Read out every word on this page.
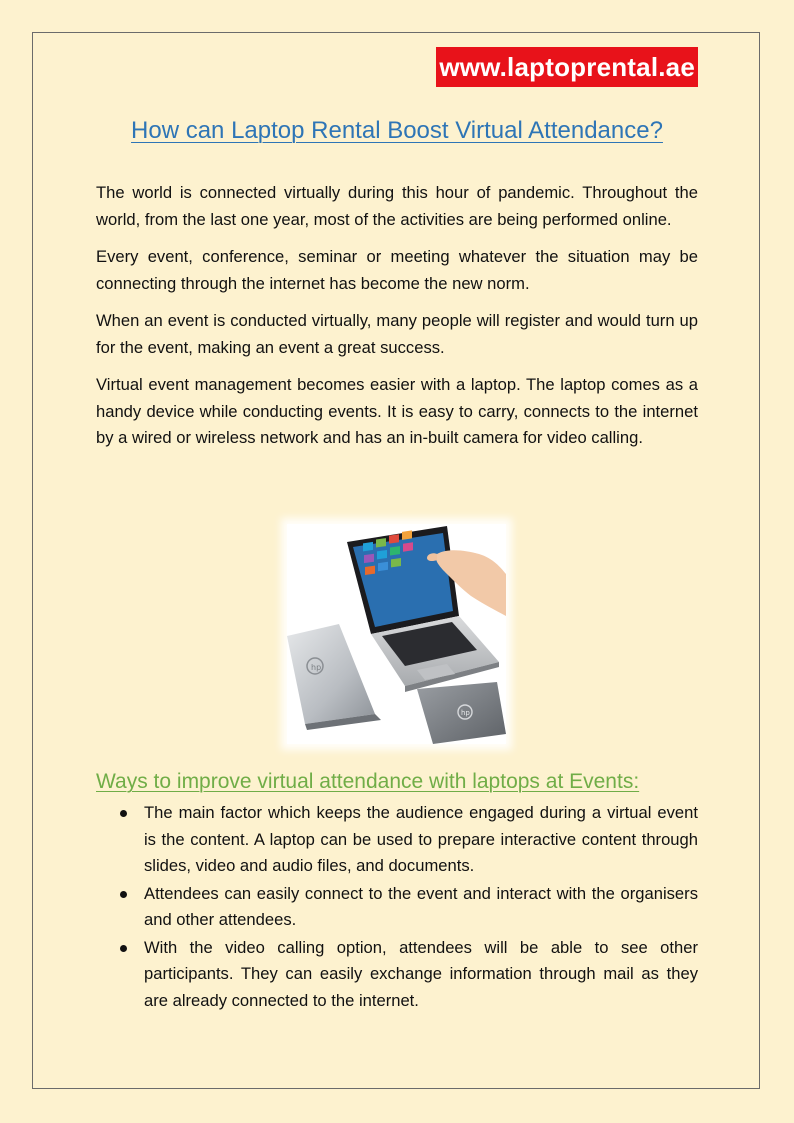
www.laptoprental.ae
How can Laptop Rental Boost Virtual Attendance?

The world is connected virtually during this hour of pandemic. Throughout the world, from the last one year, most of the activities are being performed online.

Every event, conference, seminar or meeting whatever the situation may be connecting through the internet has become the new norm.

When an event is conducted virtually, many people will register and would turn up for the event, making an event a great success.

Virtual event management becomes easier with a laptop. The laptop comes as a handy device while conducting events. It is easy to carry, connects to the internet by a wired or wireless network and has an in-built camera for video calling.

hp
hp
Ways to improve virtual attendance with laptops at Events:
The main factor which keeps the audience engaged during a virtual event is the content. A laptop can be used to prepare interactive content through slides, video and audio files, and documents.
Attendees can easily connect to the event and interact with the organisers and other attendees.
With the video calling option, attendees will be able to see other participants. They can easily exchange information through mail as they are already connected to the internet.
